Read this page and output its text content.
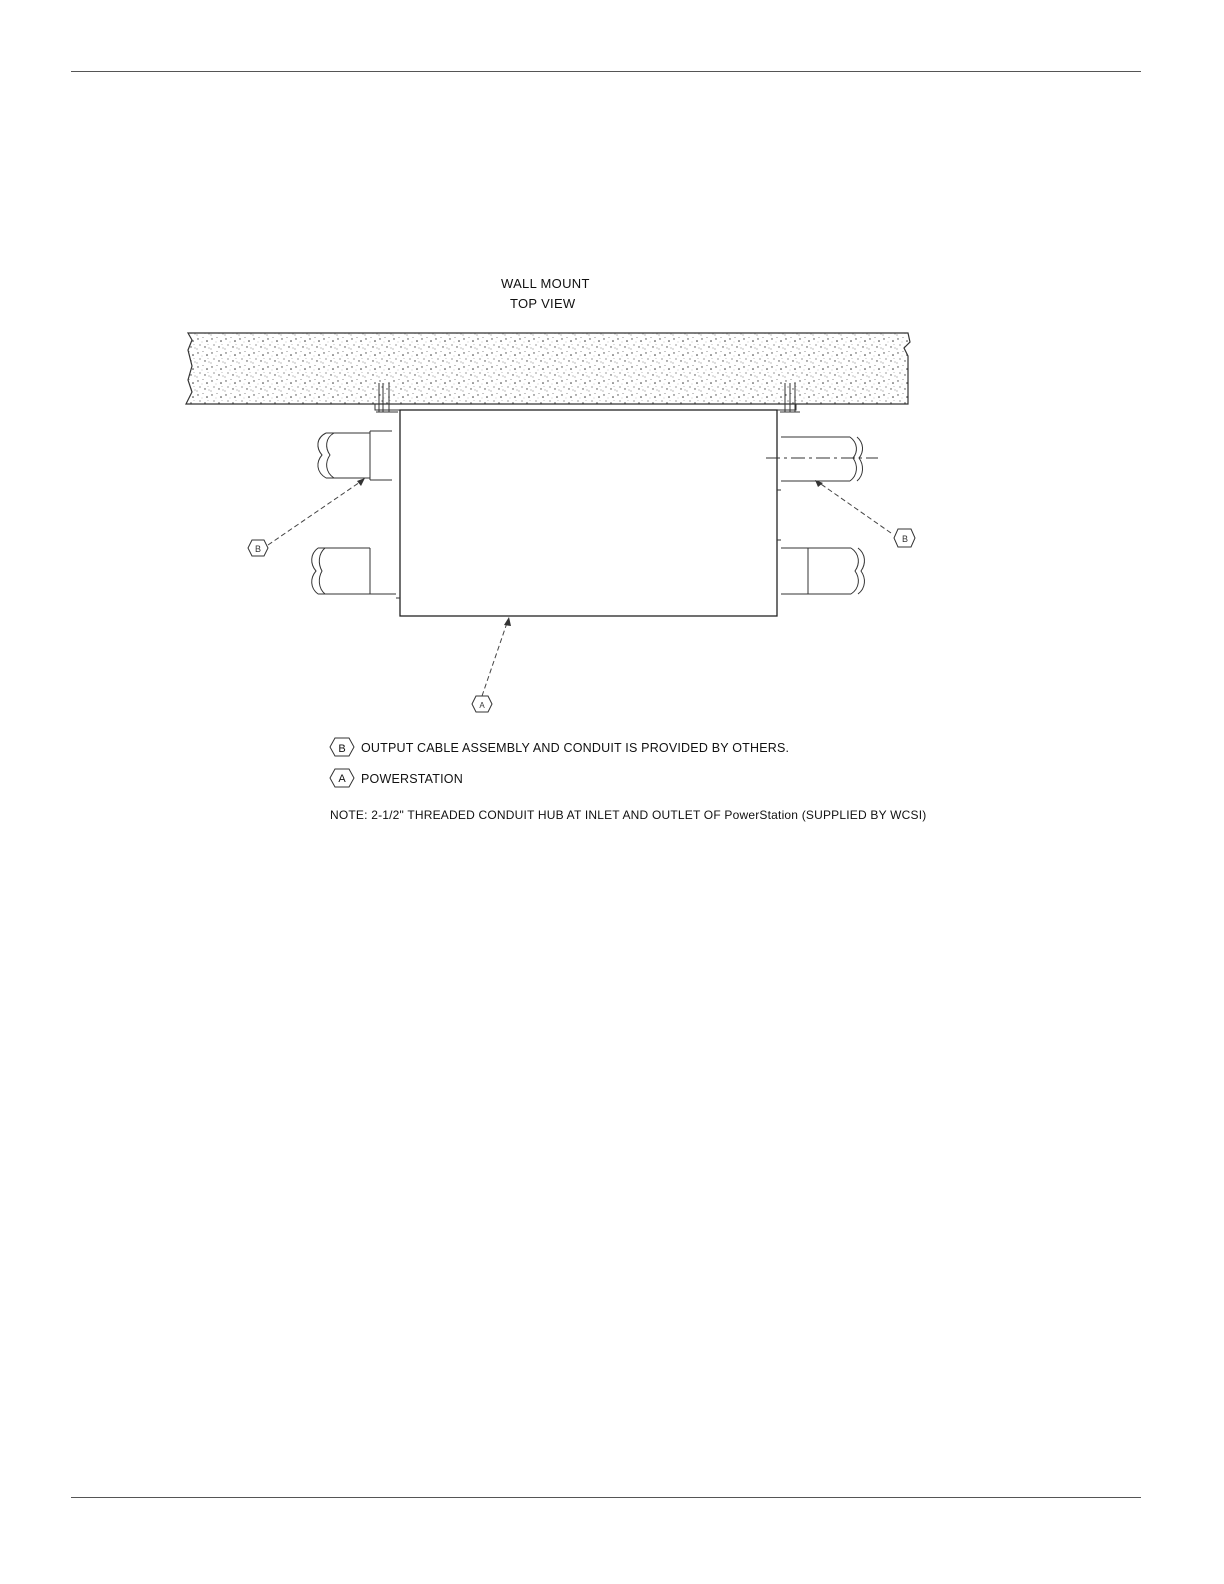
WALL MOUNT
TOP VIEW
B
B
A
B
A
OUTPUT CABLE ASSEMBLY AND CONDUIT IS PROVIDED BY OTHERS.
POWERSTATION
NOTE: 2-1/2" THREADED CONDUIT HUB AT INLET AND OUTLET OF PowerStation (SUPPLIED BY WCSI)
